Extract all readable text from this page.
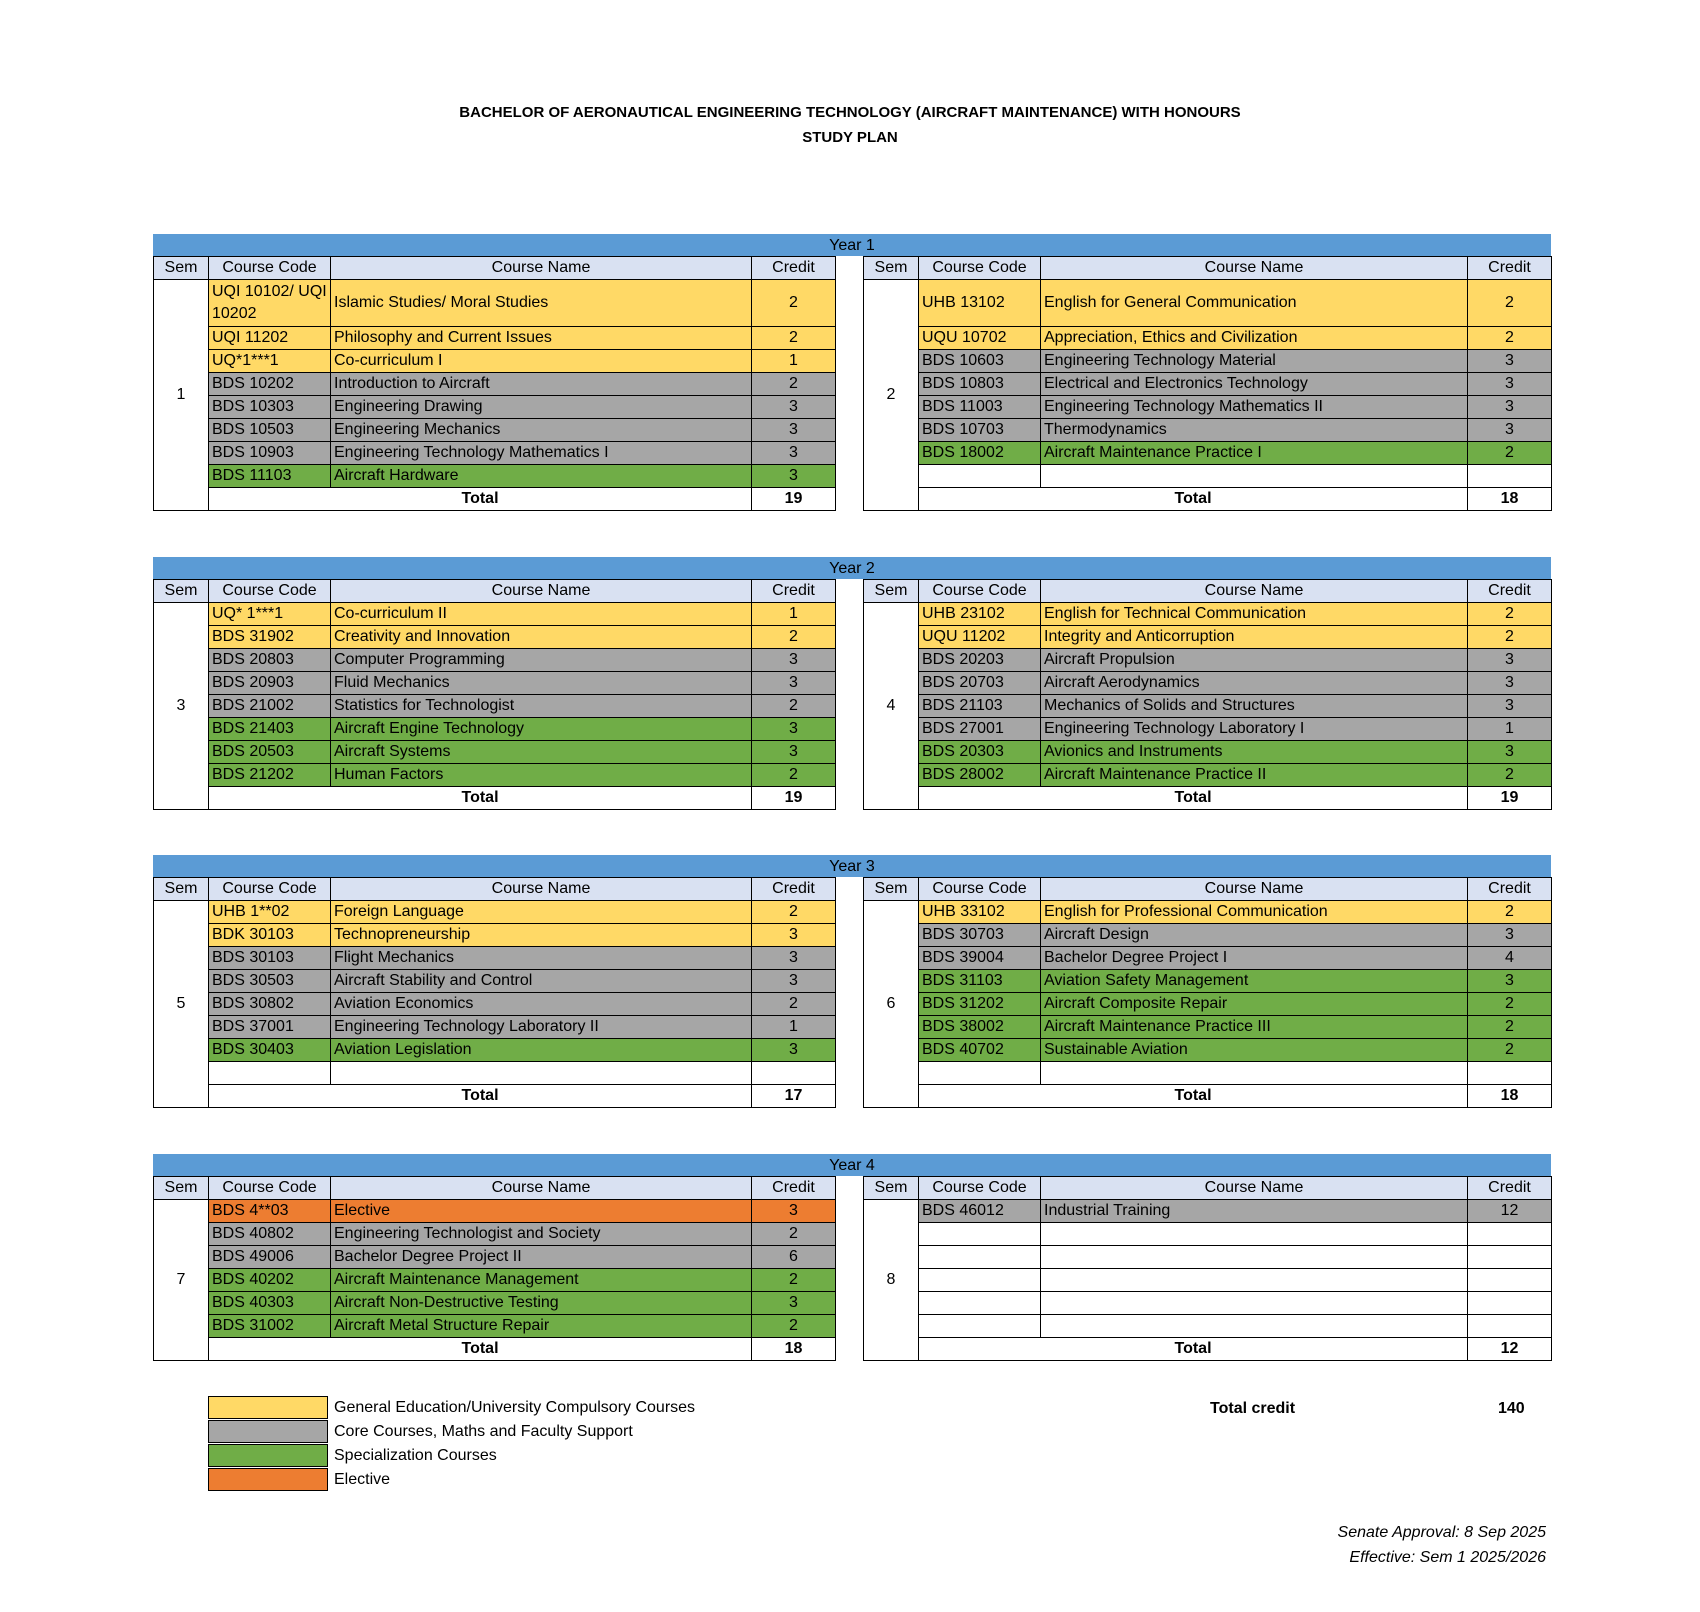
BACHELOR OF AERONAUTICAL ENGINEERING TECHNOLOGY (AIRCRAFT MAINTENANCE) WITH HONOURS
STUDY PLAN
Year 1
Sem	Course Code	Course Name	Credit
1	UQI 10102/ UQI 10202	Islamic Studies/ Moral Studies	2
	UQI 11202	Philosophy and Current Issues	2
	UQ*1***1	Co-curriculum I	1
	BDS 10202	Introduction to Aircraft	2
	BDS 10303	Engineering Drawing	3
	BDS 10503	Engineering Mechanics	3
	BDS 10903	Engineering Technology Mathematics I	3
	BDS 11103	Aircraft Hardware	3
	Total		19
Sem	Course Code	Course Name	Credit
2	UHB 13102	English for General Communication	2
	UQU 10702	Appreciation, Ethics and Civilization	2
	BDS 10603	Engineering Technology Material	3
	BDS 10803	Electrical and Electronics Technology	3
	BDS 11003	Engineering Technology Mathematics II	3
	BDS 10703	Thermodynamics	3
	BDS 18002	Aircraft Maintenance Practice I	2

	Total		18
Year 2
Sem	Course Code	Course Name	Credit
3	UQ* 1***1	Co-curriculum II	1
	BDS 31902	Creativity and Innovation	2
	BDS 20803	Computer Programming	3
	BDS 20903	Fluid Mechanics	3
	BDS 21002	Statistics for Technologist	2
	BDS 21403	Aircraft Engine Technology	3
	BDS 20503	Aircraft Systems	3
	BDS 21202	Human Factors	2
	Total		19
Sem	Course Code	Course Name	Credit
4	UHB 23102	English for Technical Communication	2
	UQU 11202	Integrity and Anticorruption	2
	BDS 20203	Aircraft Propulsion	3
	BDS 20703	Aircraft Aerodynamics	3
	BDS 21103	Mechanics of Solids and Structures	3
	BDS 27001	Engineering Technology Laboratory I	1
	BDS 20303	Avionics and Instruments	3
	BDS 28002	Aircraft Maintenance Practice II	2
	Total		19
Year 3
Sem	Course Code	Course Name	Credit
5	UHB 1**02	Foreign Language	2
	BDK 30103	Technopreneurship	3
	BDS 30103	Flight Mechanics	3
	BDS 30503	Aircraft Stability and Control	3
	BDS 30802	Aviation Economics	2
	BDS 37001	Engineering Technology Laboratory II	1
	BDS 30403	Aviation Legislation	3

	Total		17
Sem	Course Code	Course Name	Credit
6	UHB 33102	English for Professional Communication	2
	BDS 30703	Aircraft Design	3
	BDS 39004	Bachelor Degree Project I	4
	BDS 31103	Aviation Safety Management	3
	BDS 31202	Aircraft Composite Repair	2
	BDS 38002	Aircraft Maintenance Practice III	2
	BDS 40702	Sustainable Aviation	2

	Total		18
Year 4
Sem	Course Code	Course Name	Credit
7	BDS 4**03	Elective	3
	BDS 40802	Engineering Technologist and Society	2
	BDS 49006	Bachelor Degree Project II	6
	BDS 40202	Aircraft Maintenance Management	2
	BDS 40303	Aircraft Non-Destructive Testing	3
	BDS 31002	Aircraft Metal Structure Repair	2
	Total		18
Sem	Course Code	Course Name	Credit
8	BDS 46012	Industrial Training	12

	Total		12
General Education/University Compulsory Courses
Core Courses, Maths and Faculty Support
Specialization Courses
Elective
Total credit	140
Senate Approval: 8 Sep 2025
Effective: Sem 1 2025/2026
